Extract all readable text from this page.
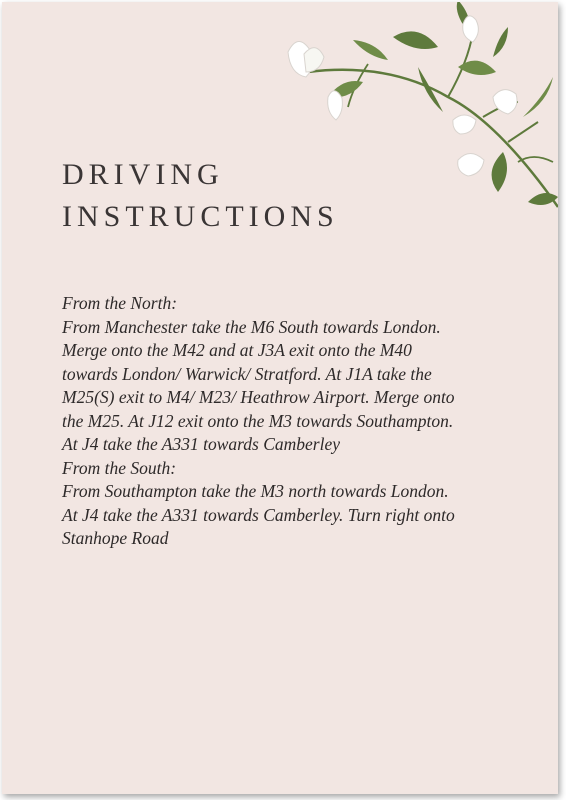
DRIVING
INSTRUCTIONS

From the North:

From Manchester take the M6 South towards London.

Merge onto the M42 and at J3A exit onto the M40

towards London/ Warwick/ Stratford. At J1A take the

M25(S) exit to M4/ M23/ Heathrow Airport. Merge onto

the M25. At J12 exit onto the M3 towards Southampton.

At J4 take the A331 towards Camberley

From the South:

From Southampton take the M3 north towards London.

At J4 take the A331 towards Camberley. Turn right onto

Stanhope Road
